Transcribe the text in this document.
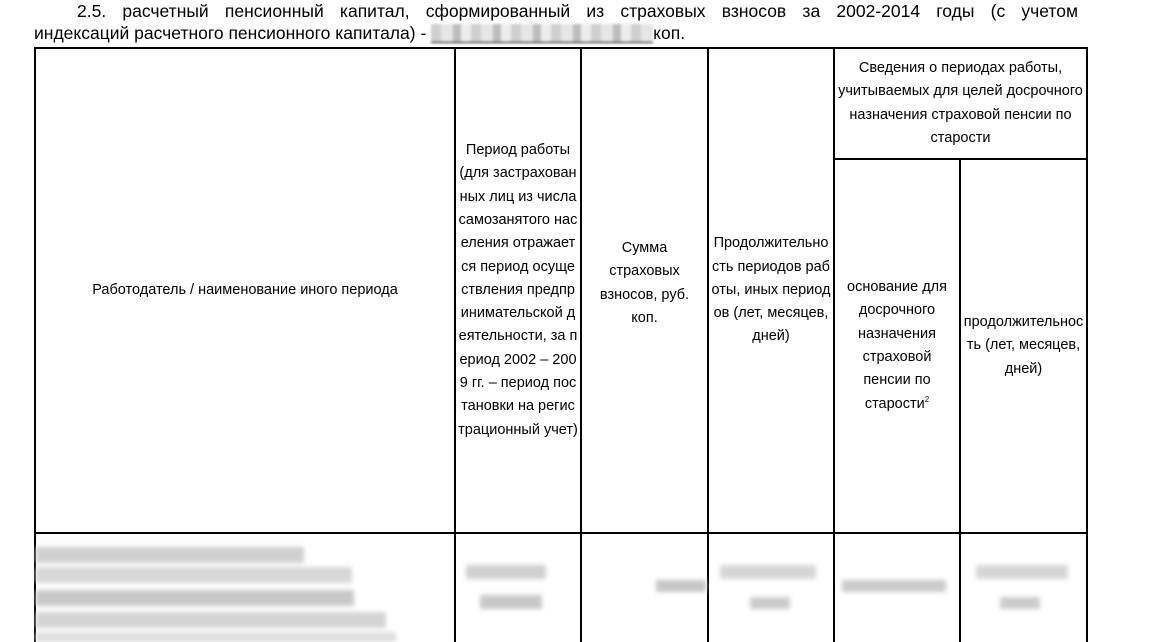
2.5. расчетный пенсионный капитал, сформированный из страховых взносов за 2002-2014 годы (с учетом
индексаций расчетного пенсионного капитала) -	коп.
Работодатель / наименование иного периода
Период работы (для застрахованных лиц из числа самозанятого населения отражается период осуществления предпринимательской деятельности, за период 2002 – 2009 гг. – период постановки на регистрационный учет)
Сумма страховых взносов, руб. коп.
Продолжительность периодов работы, иных периодов (лет, месяцев, дней)
Сведения о периодах работы, учитываемых для целей досрочного назначения страховой пенсии по старости
основание для досрочного назначения страховой пенсии по старости$^2$
продолжительность (лет, месяцев, дней)
